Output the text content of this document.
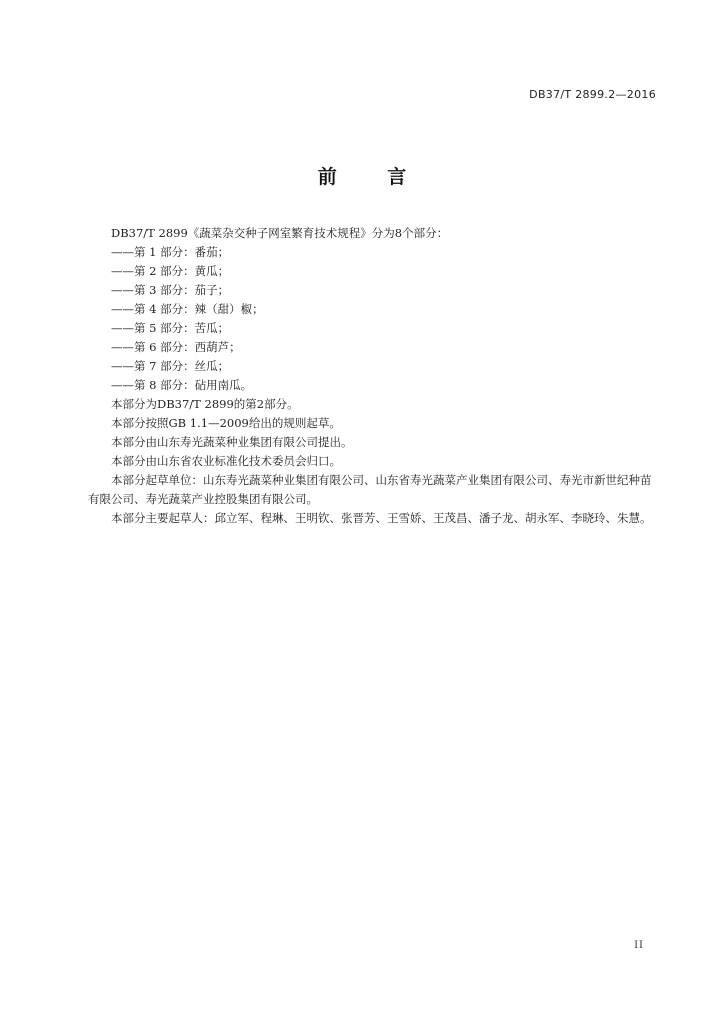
DB37/T 2899.2—2016
前 言

DB37/T 2899《蔬菜杂交种子网室繁育技术规程》分为8个部分：

——第 1 部分：番茄；

——第 2 部分：黄瓜；

——第 3 部分：茄子；

——第 4 部分：辣（甜）椒；

——第 5 部分：苦瓜；

——第 6 部分：西葫芦；

——第 7 部分：丝瓜；

——第 8 部分：砧用南瓜。

本部分为DB37/T 2899的第2部分。

本部分按照GB 1.1—2009给出的规则起草。

本部分由山东寿光蔬菜种业集团有限公司提出。

本部分由山东省农业标准化技术委员会归口。

本部分起草单位：山东寿光蔬菜种业集团有限公司、山东省寿光蔬菜产业集团有限公司、寿光市新世纪种苗有限公司、寿光蔬菜产业控股集团有限公司。

本部分主要起草人：邱立军、程琳、王明钦、张晋芳、王雪娇、王茂昌、潘子龙、胡永军、李晓玲、朱慧。

II
